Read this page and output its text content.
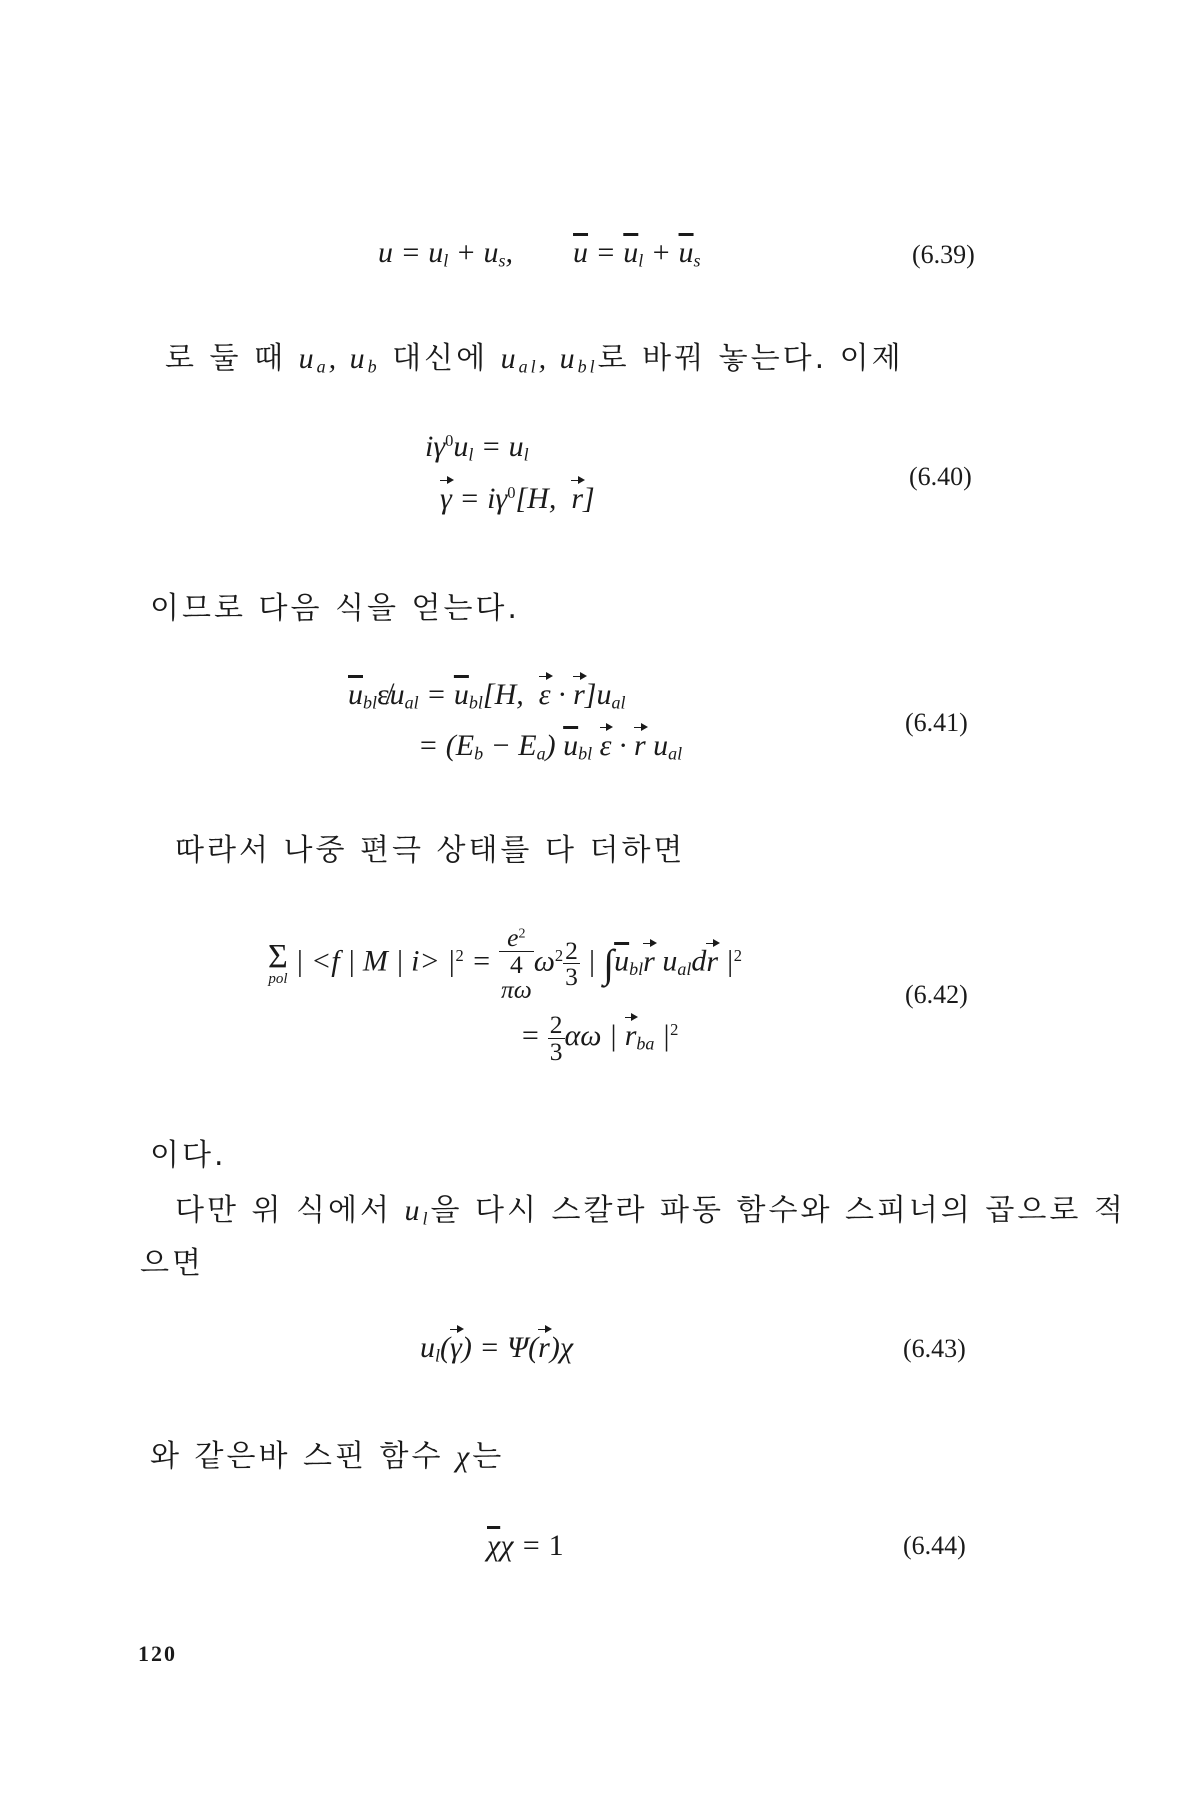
$u = u_l + u_s$,        $\overline{u} = \overline{u}_l + \overline{u}_s$	(6.39)
로 둘 때 $u_a$, $u_b$ 대신에 $u_{al}$, $u_{bl}$로 바꿔 놓는다. 이제
$i\gamma^0u_l = u_l$
$\gamma = i\gamma^0[H$,  r]
(6.40)
이므로 다음 식을 얻는다.
$\overline{u}_{bl}\varepsilon̸u_{al} = \overline{u}_{bl}[H$,  $\varepsilon \cdot r]u_{al}$
= $(E_b - E_a)$ $\overline{u}_{bl}$ ε · r $u_{al}$
(6.41)
따라서 나중 편극 상태를 다 더하면
Σ
pol
| <f | M | $i> |^2 = e^2$
4
πω $\omega^2 \frac{2}{3}$ | $\int\overline{u}_{bl}r$ $u_{al}dr$ $|^2$
= $\frac{2}{3}$ αω | $r_{ba}$ $|^2$
(6.42)
이다.
다만 위 식에서 $u_l$을 다시 스칼라 파동 함수와 스피너의 곱으로 적
으면
$u_l(\gamma) = \Psi(r)\chi$	(6.43)
와 같은바 스핀 함수 χ는
$\overline{\chi}\chi = 1$	(6.44)
120
